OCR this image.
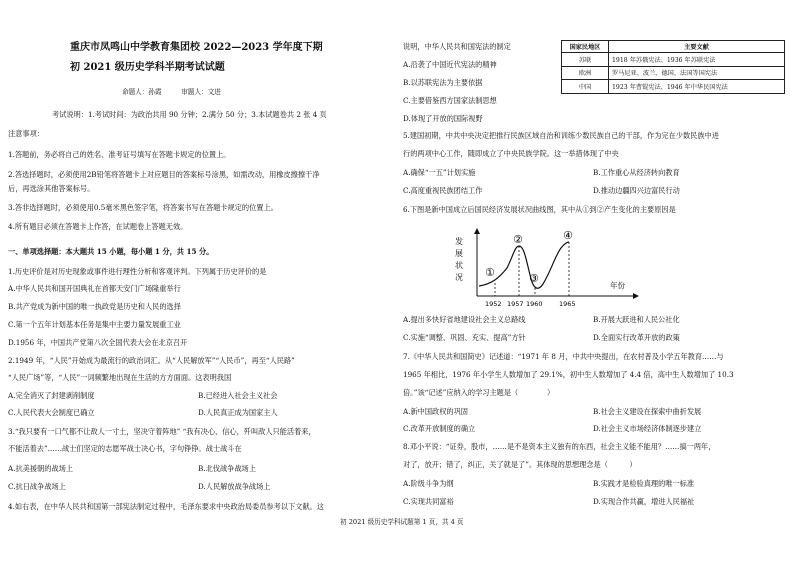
重庆市凤鸣山中学教育集团校 2022—2023 学年度下期
初 2021 级历史学科半期考试试题
命题人：孙霞　　　审题人：文进
考试说明：1.考试时间：为政治共用 90 分钟；2.满分 50 分；3.本试题卷共 2 张 4 页
注意事项：
1.答题前，务必将自己的姓名、准考证号填写在答题卡规定的位置上。
2.答选择题时，必须使用2B铅笔将答题卡上对应题目的答案标号涂黑，如需改动，用橡皮擦擦干净
后，再选涂其他答案标号。
3.答非选择题时，必须使用0.5毫米黑色签字笔，将答案书写在答题卡规定的位置上。
4.所有题目必须在答题卡上作答，在试题卷上答题无效。
一、单项选择题：本大题共 15 小题，每小题 1 分，共 15 分。
1.历史评价是对历史现象或事件进行理性分析和客观评判。下列属于历史评价的是
A.中华人民共和国开国典礼在首都天安门广场隆重举行
B.共产党成为新中国的唯一执政党是历史和人民的选择
C.第一个五年计划基本任务是集中主要力量发展重工业
D.1956 年，中国共产党第八次全国代表大会在北京召开
2.1949 年，“人民”开始成为最流行的政治词汇。从“人民解放军”“人民币”，再至“人民路”
“人民广场”等，“人民”一词频繁地出现在生活的方方面面。这表明我国
A.完全消灭了封建剥削制度	B.已经进入社会主义社会
C.人民代表大会制度已确立	D.人民真正成为国家主人
3.“我只要有一口气都不让敌人一寸土，坚决守着阵地” “我有决心、信心，歼叫敌人只能活着来，
不能活着去”……战士们坚定的志愿军战士决心书，字句铮铮。战士战斗在
A.抗美援朝的战场上	B.北伐战争战场上
C.抗日战争战场上	D.人民解放战争战场上
4.如右表，在中华人民共和国第一部宪法制定过程中，毛泽东要求中央政治局委员参考以下文献。这
说明，中华人民共和国宪法的制定
A.沿袭了中国近代宪法的精神
B.以苏联宪法为主要依据
C.主要借鉴西方国家法制思想
D.体现了开放的国际视野
国家民地区	主要文献
苏联	1918 年苏俄宪法、1936 年苏联宪法
欧洲	罗马尼亚、波兰、德国、法国等国宪法
中国	1923 年曹锟宪法、1946 年中华民国宪法
5.建国初期，中共中央决定把推行民族区域自治和训练少数民族自己的干部，作为完在少数民族中进
行的两项中心工作，随即成立了中央民族学院。这一举措体现了中央
A.确保“一五”计划实施	B.工作重心从经济转向教育
C.高度重视民族团结工作	D.推动边疆四兴边富民行动
6.下图是新中国成立后国民经济发展状况曲线图，其中从①到②产生变化的主要原因是
发
展
状
况
年份
1952 1957 1960	1965
①
②
③
④
A.提出多快好省地建设社会主义总路线	B.开展大跃进和人民公社化
C.实施“调整、巩固、充实、提高”方针	D.全面实行改革开放的政策
7.《中华人民共和国简史》记述道：“1971 年 8 月，中共中央提出，在农村普及小学五年教育……与
1965 年相比，1976 年小学生人数增加了 29.1%，初中生人数增加了 4.4 倍，高中生人数增加了 10.3
倍。”该“记述”应纳入的学习主题是（　　　　）
A.新中国政权的巩固	B.社会主义建设在探索中曲折发展
C.改革开放制度的确立	D.社会主义市场经济体制逐步建立
8.邓小平说：“证券，股市，……是不是资本主义独有的东西，社会主义能不能用？……搞一两年，
对了，放开；错了，纠正，关了就是了”。其体现的思想理念是（　　　）
A.阶级斗争为纲	B.实践才是检验真理的唯一标准
C.实现共同富裕	D.实现合作共赢，增进人民福祉
初 2021 级历史学科试题第 1 页，共 4 页
